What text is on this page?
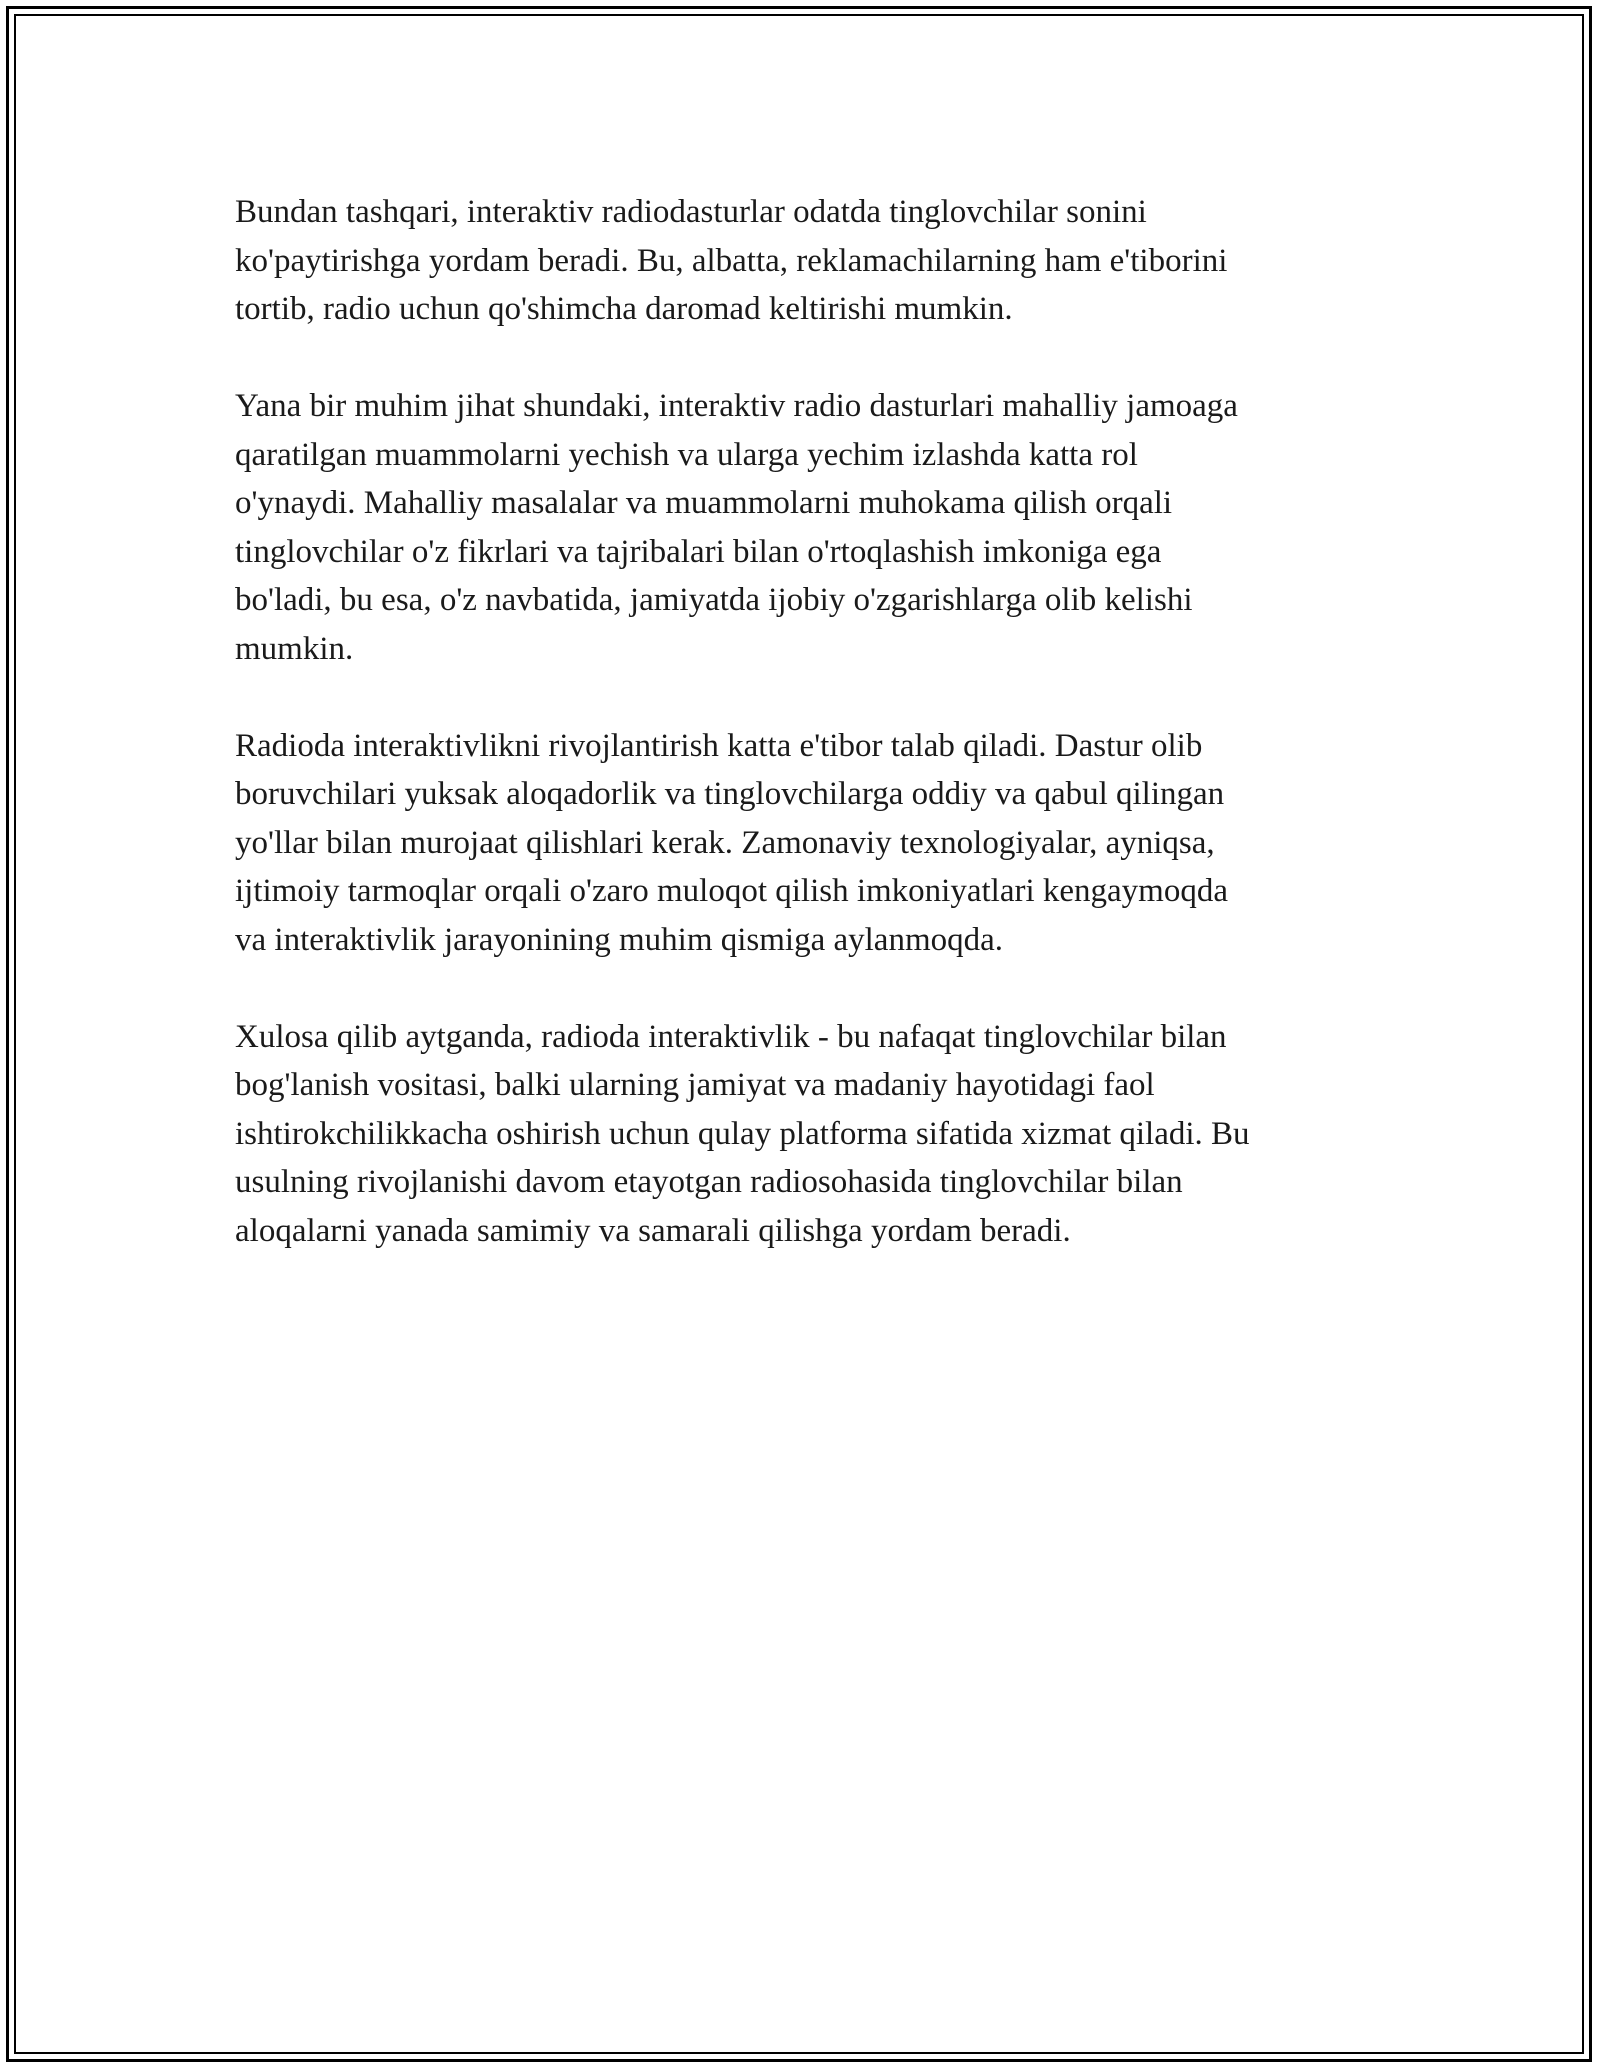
Bundan tashqari, interaktiv radiodasturlar odatda tinglovchilar sonini
ko'paytirishga yordam beradi. Bu, albatta, reklamachilarning ham e'tiborini
tortib, radio uchun qo'shimcha daromad keltirishi mumkin.

Yana bir muhim jihat shundaki, interaktiv radio dasturlari mahalliy jamoaga
qaratilgan muammolarni yechish va ularga yechim izlashda katta rol
o'ynaydi. Mahalliy masalalar va muammolarni muhokama qilish orqali
tinglovchilar o'z fikrlari va tajribalari bilan o'rtoqlashish imkoniga ega
bo'ladi, bu esa, o'z navbatida, jamiyatda ijobiy o'zgarishlarga olib kelishi
mumkin.

Radioda interaktivlikni rivojlantirish katta e'tibor talab qiladi. Dastur olib
boruvchilari yuksak aloqadorlik va tinglovchilarga oddiy va qabul qilingan
yo'llar bilan murojaat qilishlari kerak. Zamonaviy texnologiyalar, ayniqsa,
ijtimoiy tarmoqlar orqali o'zaro muloqot qilish imkoniyatlari kengaymoqda
va interaktivlik jarayonining muhim qismiga aylanmoqda.

Xulosa qilib aytganda, radioda interaktivlik - bu nafaqat tinglovchilar bilan
bog'lanish vositasi, balki ularning jamiyat va madaniy hayotidagi faol
ishtirokchilikkacha oshirish uchun qulay platforma sifatida xizmat qiladi. Bu
usulning rivojlanishi davom etayotgan radiosohasida tinglovchilar bilan
aloqalarni yanada samimiy va samarali qilishga yordam beradi.
